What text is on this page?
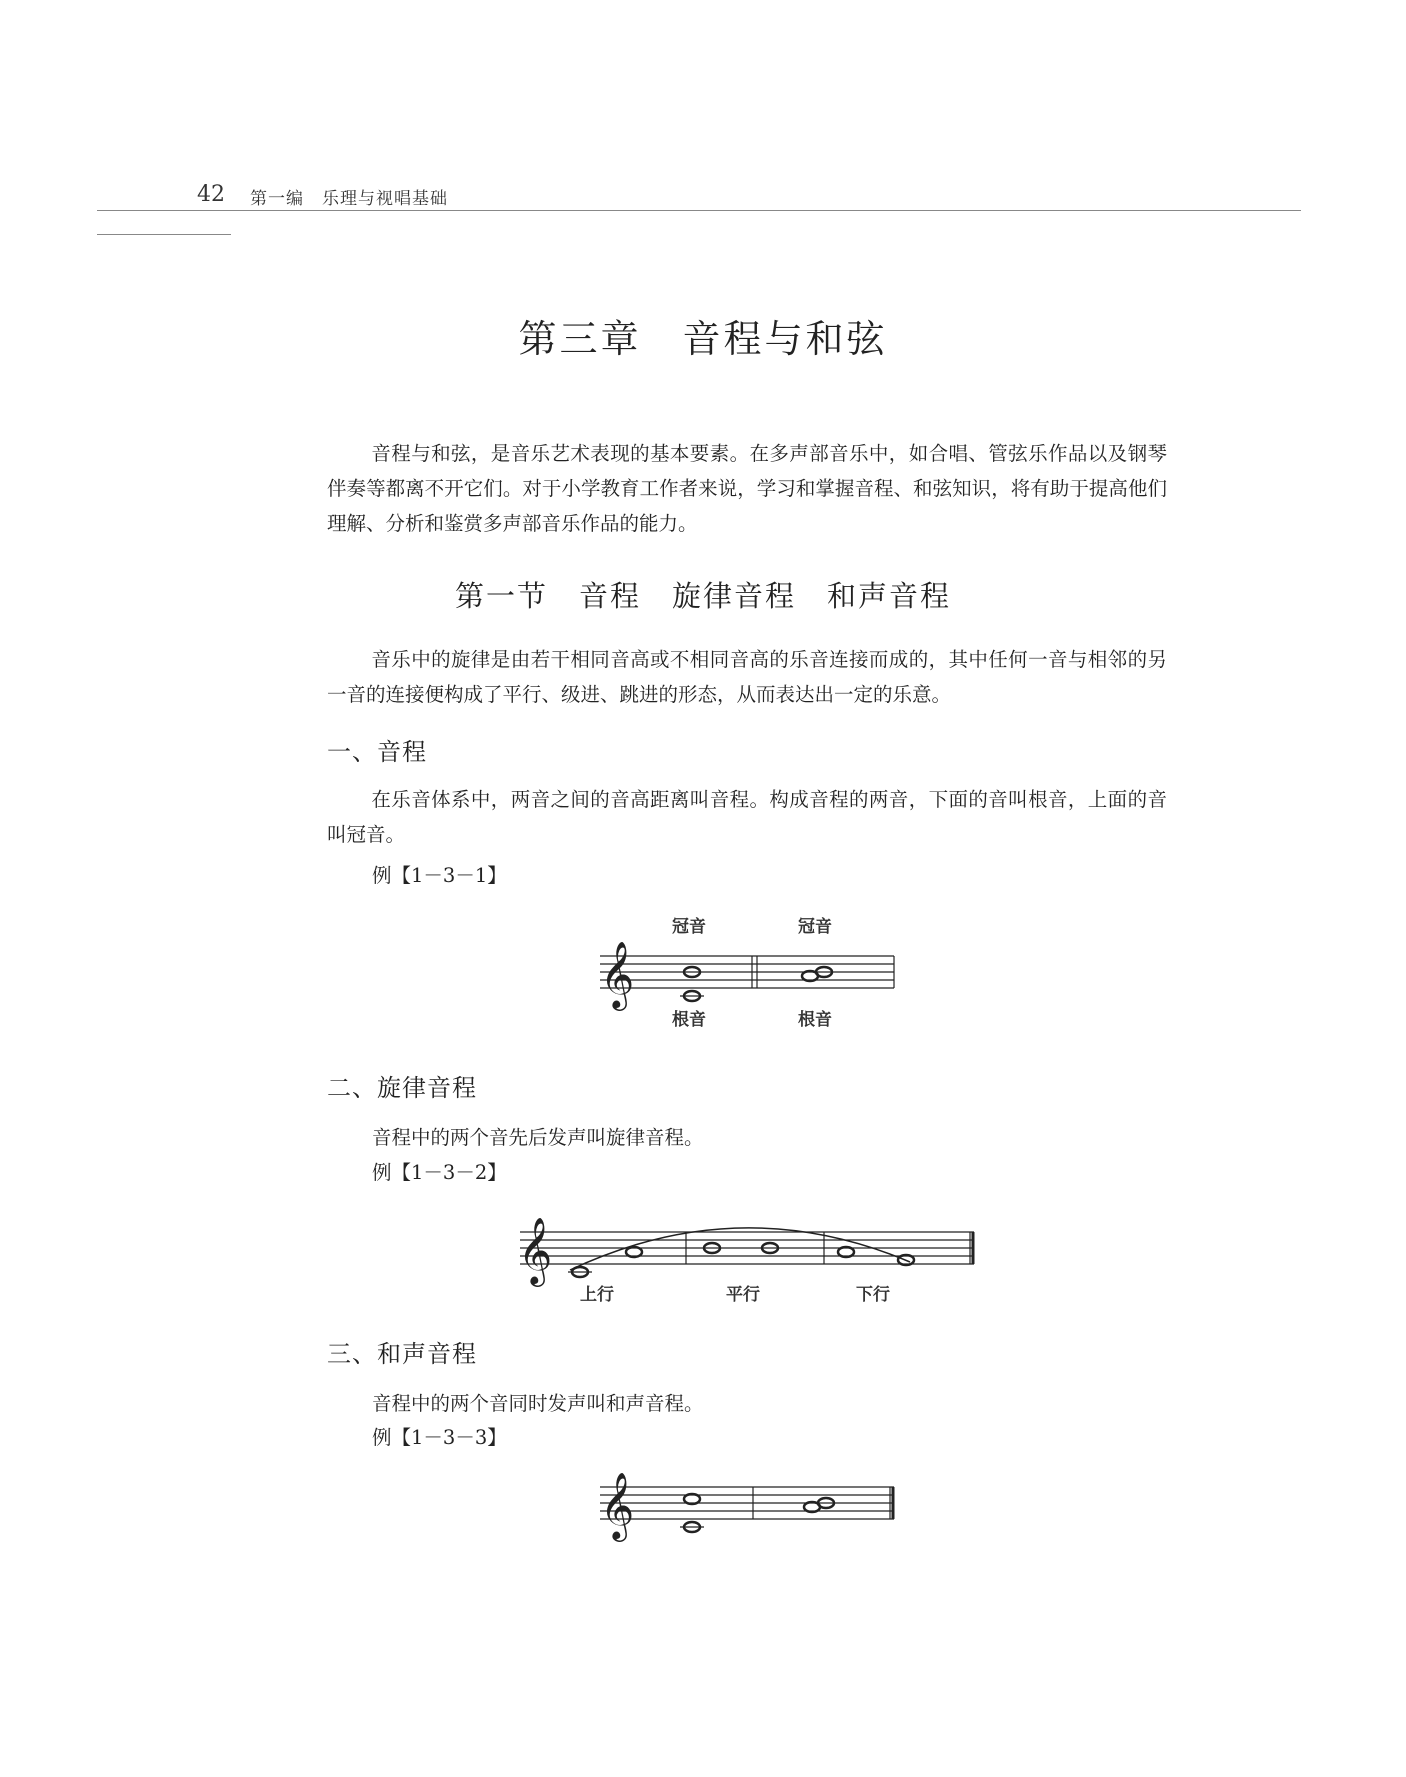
42 第一编　乐理与视唱基础
第三章　音程与和弦
音程与和弦，是音乐艺术表现的基本要素。在多声部音乐中，如合唱、管弦乐作品以及钢琴伴奏等都离不开它们。对于小学教育工作者来说，学习和掌握音程、和弦知识，将有助于提高他们理解、分析和鉴赏多声部音乐作品的能力。
第一节　音程　旋律音程　和声音程
音乐中的旋律是由若干相同音高或不相同音高的乐音连接而成的，其中任何一音与相邻的另一音的连接便构成了平行、级进、跳进的形态，从而表达出一定的乐意。
一、音程
在乐音体系中，两音之间的音高距离叫音程。构成音程的两音，下面的音叫根音，上面的音叫冠音。
例【1－3－1】
𝄞
冠音	冠音
根音	根音
二、旋律音程
音程中的两个音先后发声叫旋律音程。
例【1－3－2】
𝄞
上行	平行	下行
三、和声音程
音程中的两个音同时发声叫和声音程。
例【1－3－3】
𝄞
